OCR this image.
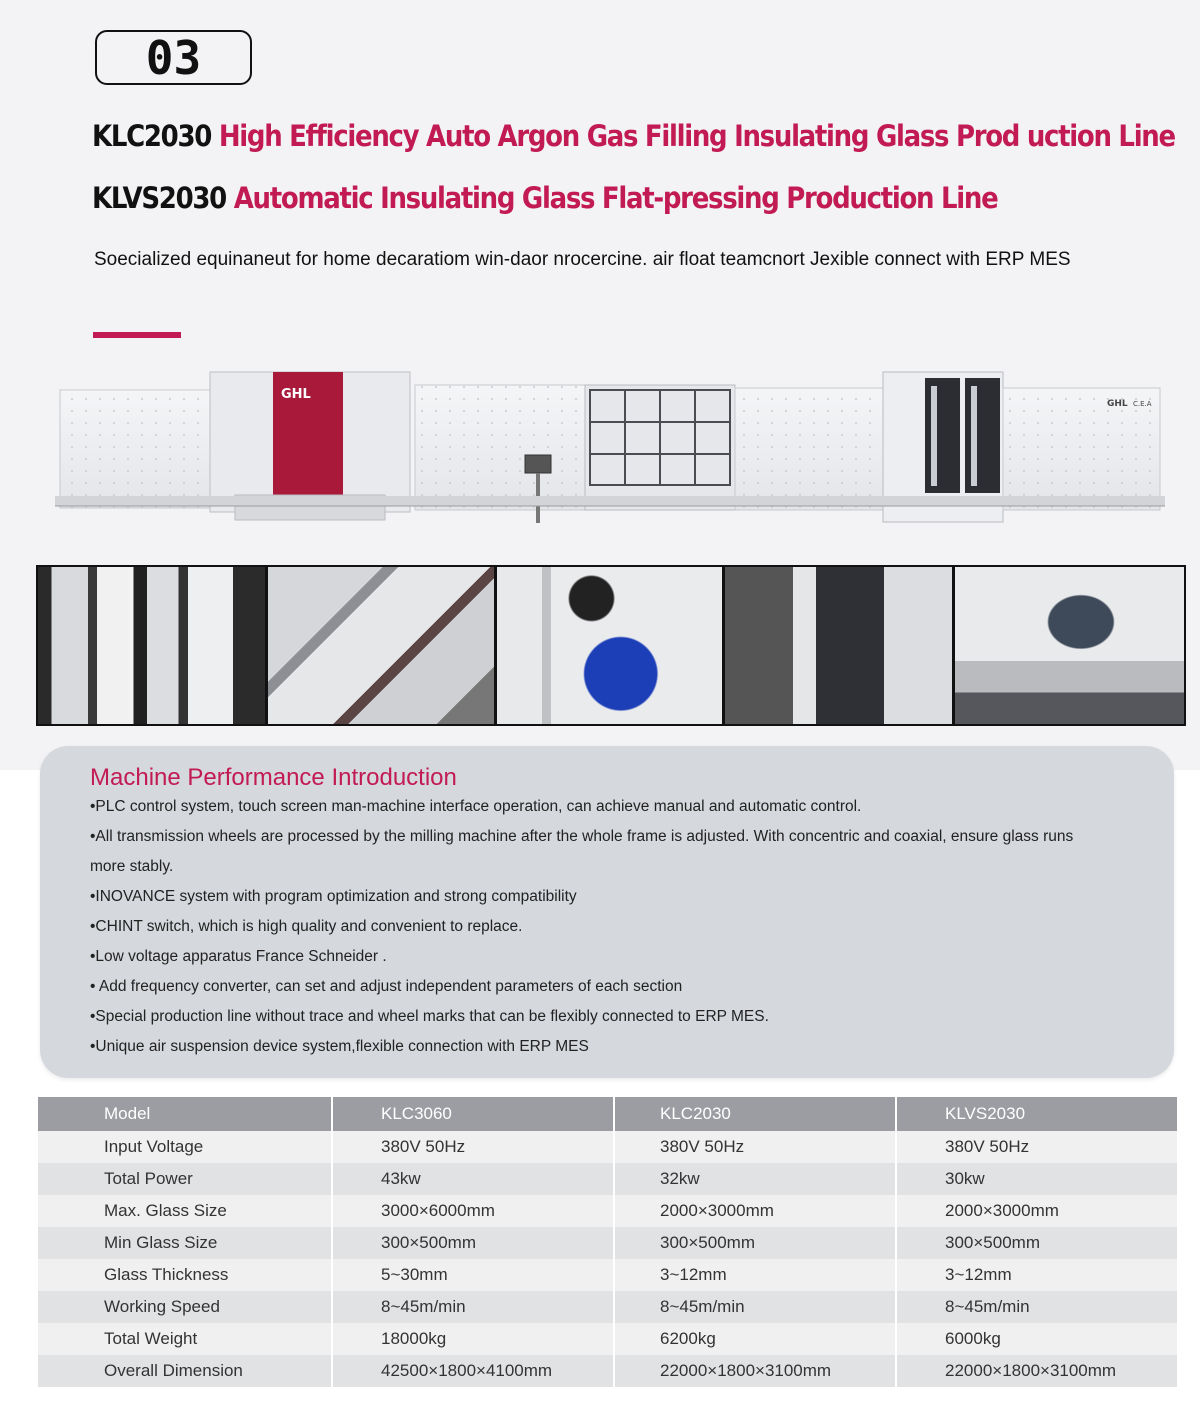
03
KLC2030 High Efficiency Auto Argon Gas Filling Insulating Glass Prod uction Line
KLVS2030 Automatic Insulating Glass Flat-pressing Production Line
Soecialized equinaneut for home decaratiom win-daor nrocercine. air float teamcnort Jexible connect with ERP MES
GHL
GHL C.E.A
Machine Performance Introduction
•PLC control system, touch screen man-machine interface operation, can achieve manual and automatic control.
•All transmission wheels are processed by the milling machine after the whole frame is adjusted. With concentric and coaxial, ensure glass runs more stably.
•INOVANCE system with program optimization and strong compatibility
•CHINT switch, which is high quality and convenient to replace.
•Low voltage apparatus France Schneider .
• Add frequency converter, can set and adjust independent parameters of each section
•Special production line without trace and wheel marks that can be flexibly connected to ERP MES.
•Unique air suspension device system,flexible connection with ERP MES
Model	KLC3060	KLC2030	KLVS2030
Input Voltage	380V 50Hz	380V 50Hz	380V 50Hz
Total Power	43kw	32kw	30kw
Max. Glass Size	3000×6000mm	2000×3000mm	2000×3000mm
Min Glass Size	300×500mm	300×500mm	300×500mm
Glass Thickness	5~30mm	3~12mm	3~12mm
Working Speed	8~45m/min	8~45m/min	8~45m/min
Total Weight	18000kg	6200kg	6000kg
Overall Dimension	42500×1800×4100mm	22000×1800×3100mm	22000×1800×3100mm
